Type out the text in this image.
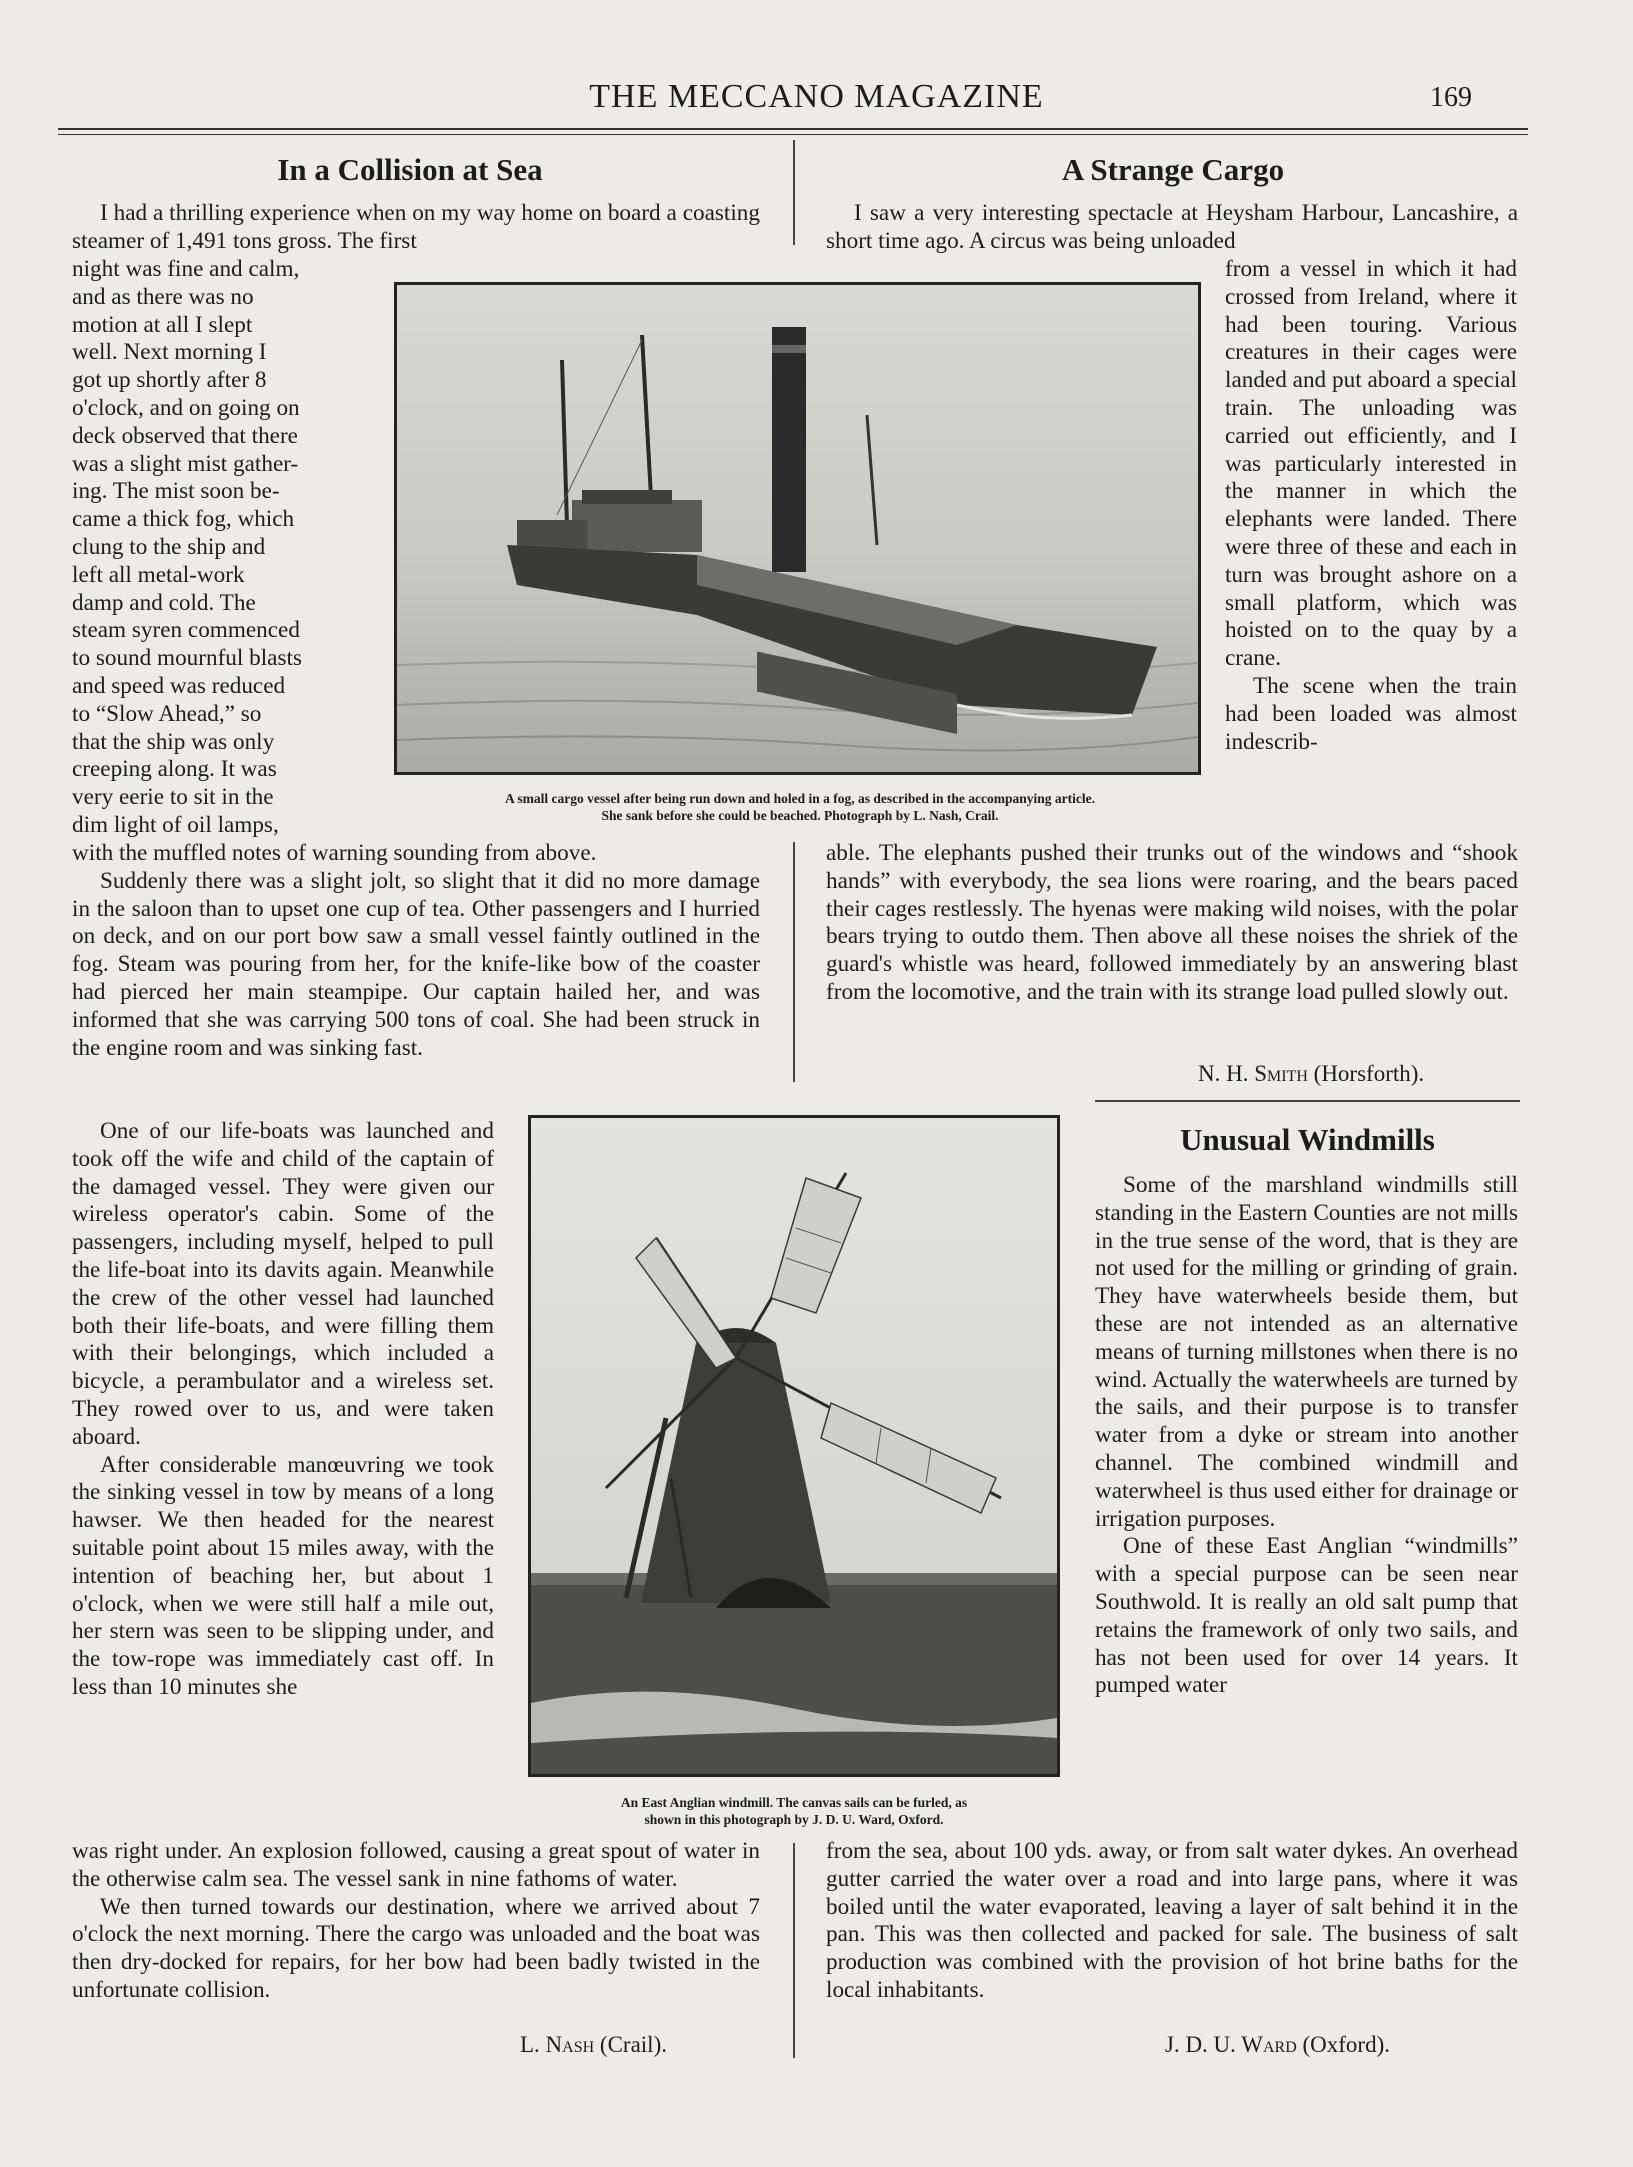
THE MECCANO MAGAZINE	169
In a Collision at Sea

I had a thrilling experience when on my way home on board a coasting steamer of 1,491 tons gross. The first

night was fine and calm,
and as there was no
motion at all I slept
well. Next morning I
got up shortly after 8
o'clock, and on going on
deck observed that there
was a slight mist gather-
ing. The mist soon be-
came a thick fog, which
clung to the ship and
left all metal-work
damp and cold. The
steam syren commenced
to sound mournful blasts
and speed was reduced
to “Slow Ahead,” so
that the ship was only
creeping along. It was
very eerie to sit in the
dim light of oil lamps,

with the muffled notes of warning sounding from above.

Suddenly there was a slight jolt, so slight that it did no more damage in the saloon than to upset one cup of tea. Other passengers and I hurried on deck, and on our port bow saw a small vessel faintly outlined in the fog. Steam was pouring from her, for the knife-like bow of the coaster had pierced her main steampipe. Our captain hailed her, and was informed that she was carrying 500 tons of coal. She had been struck in the engine room and was sinking fast.

One of our life-boats was launched and took off the wife and child of the captain of the damaged vessel. They were given our wireless operator's cabin. Some of the passengers, including myself, helped to pull the life-boat into its davits again. Meanwhile the crew of the other vessel had launched both their life-boats, and were filling them with their belongings, which included a bicycle, a perambulator and a wireless set. They rowed over to us, and were taken aboard.

After considerable manœuvring we took the sinking vessel in tow by means of a long hawser. We then headed for the nearest suitable point about 15 miles away, with the intention of beaching her, but about 1 o'clock, when we were still half a mile out, her stern was seen to be slipping under, and the tow-rope was immediately cast off. In less than 10 minutes she

was right under. An explosion followed, causing a great spout of water in the otherwise calm sea. The vessel sank in nine fathoms of water.

We then turned towards our destination, where we arrived about 7 o'clock the next morning. There the cargo was unloaded and the boat was then dry-docked for repairs, for her bow had been badly twisted in the unfortunate collision.

L. Nash (Crail).
A small cargo vessel after being run down and holed in a fog, as described in the accompanying article.
She sank before she could be beached. Photograph by L. Nash, Crail.
A Strange Cargo

I saw a very interesting spectacle at Heysham Harbour, Lancashire, a short time ago. A circus was being unloaded

from a vessel in which it had crossed from Ireland, where it had been touring. Various creatures in their cages were landed and put aboard a special train. The unloading was carried out efficiently, and I was particularly interested in the manner in which the elephants were landed. There were three of these and each in turn was brought ashore on a small platform, which was hoisted on to the quay by a crane.

The scene when the train had been loaded was almost indescrib-

able. The elephants pushed their trunks out of the windows and “shook hands” with everybody, the sea lions were roaring, and the bears paced their cages restlessly. The hyenas were making wild noises, with the polar bears trying to outdo them. Then above all these noises the shriek of the guard's whistle was heard, followed immediately by an answering blast from the locomotive, and the train with its strange load pulled slowly out.

N. H. Smith (Horsforth).
Unusual Windmills

Some of the marshland windmills still standing in the Eastern Counties are not mills in the true sense of the word, that is they are not used for the milling or grinding of grain. They have waterwheels beside them, but these are not intended as an alternative means of turning millstones when there is no wind. Actually the waterwheels are turned by the sails, and their purpose is to transfer water from a dyke or stream into another channel. The combined windmill and waterwheel is thus used either for drainage or irrigation purposes.

One of these East Anglian “windmills” with a special purpose can be seen near Southwold. It is really an old salt pump that retains the framework of only two sails, and has not been used for over 14 years. It pumped water

from the sea, about 100 yds. away, or from salt water dykes. An overhead gutter carried the water over a road and into large pans, where it was boiled until the water evaporated, leaving a layer of salt behind it in the pan. This was then collected and packed for sale. The business of salt production was combined with the provision of hot brine baths for the local inhabitants.

J. D. U. Ward (Oxford).
An East Anglian windmill. The canvas sails can be furled, as
shown in this photograph by J. D. U. Ward, Oxford.
